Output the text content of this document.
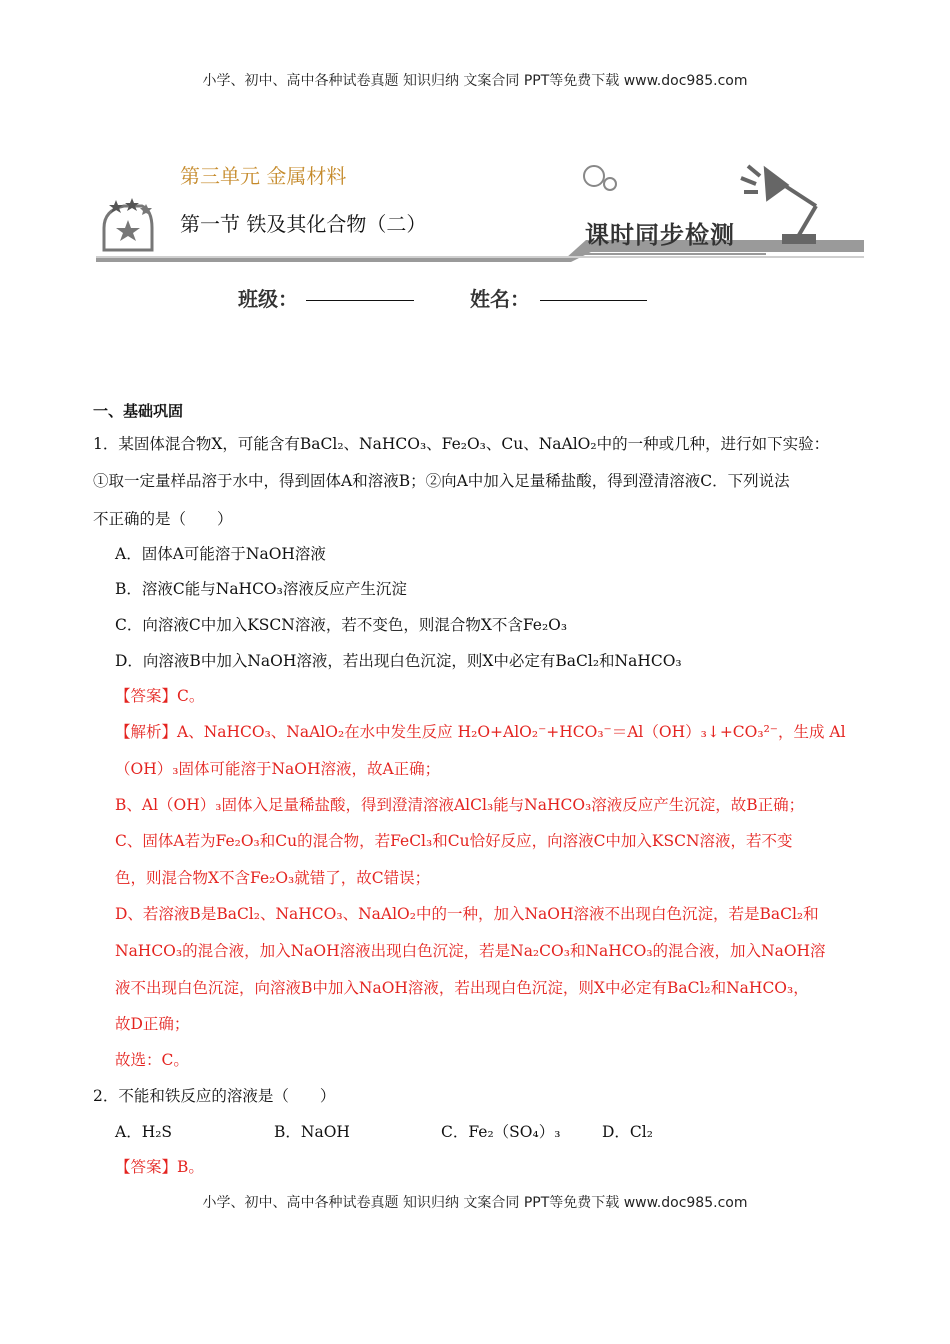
小学、初中、高中各种试卷真题 知识归纳 文案合同 PPT等免费下载 www.doc985.com
第三单元 金属材料
第一节 铁及其化合物（二）	课时同步检测
班级：	姓名：
一、基础巩固
1．某固体混合物X，可能含有BaCl₂、NaHCO₃、Fe₂O₃、Cu、NaAlO₂中的一种或几种，进行如下实验：
①取一定量样品溶于水中，得到固体A和溶液B；②向A中加入足量稀盐酸，得到澄清溶液C．下列说法
不正确的是（　　）
A．固体A可能溶于NaOH溶液
B．溶液C能与NaHCO₃溶液反应产生沉淀
C．向溶液C中加入KSCN溶液，若不变色，则混合物X不含Fe₂O₃
D．向溶液B中加入NaOH溶液，若出现白色沉淀，则X中必定有BaCl₂和NaHCO₃
【答案】C。
【解析】A、NaHCO₃、NaAlO₂在水中发生反应 H₂O+AlO₂⁻+HCO₃⁻＝Al（OH）₃↓+CO₃²⁻，生成 Al
（OH）₃固体可能溶于NaOH溶液，故A正确；
B、Al（OH）₃固体入足量稀盐酸，得到澄清溶液AlCl₃能与NaHCO₃溶液反应产生沉淀，故B正确；
C、固体A若为Fe₂O₃和Cu的混合物，若FeCl₃和Cu恰好反应，向溶液C中加入KSCN溶液，若不变
色，则混合物X不含Fe₂O₃就错了，故C错误；
D、若溶液B是BaCl₂、NaHCO₃、NaAlO₂中的一种，加入NaOH溶液不出现白色沉淀，若是BaCl₂和
NaHCO₃的混合液，加入NaOH溶液出现白色沉淀，若是Na₂CO₃和NaHCO₃的混合液，加入NaOH溶
液不出现白色沉淀，向溶液B中加入NaOH溶液，若出现白色沉淀，则X中必定有BaCl₂和NaHCO₃，
故D正确；
故选：C。
2．不能和铁反应的溶液是（　　）
A．H₂S	B．NaOH	C．Fe₂（SO₄）₃	D．Cl₂
【答案】B。
小学、初中、高中各种试卷真题 知识归纳 文案合同 PPT等免费下载 www.doc985.com
